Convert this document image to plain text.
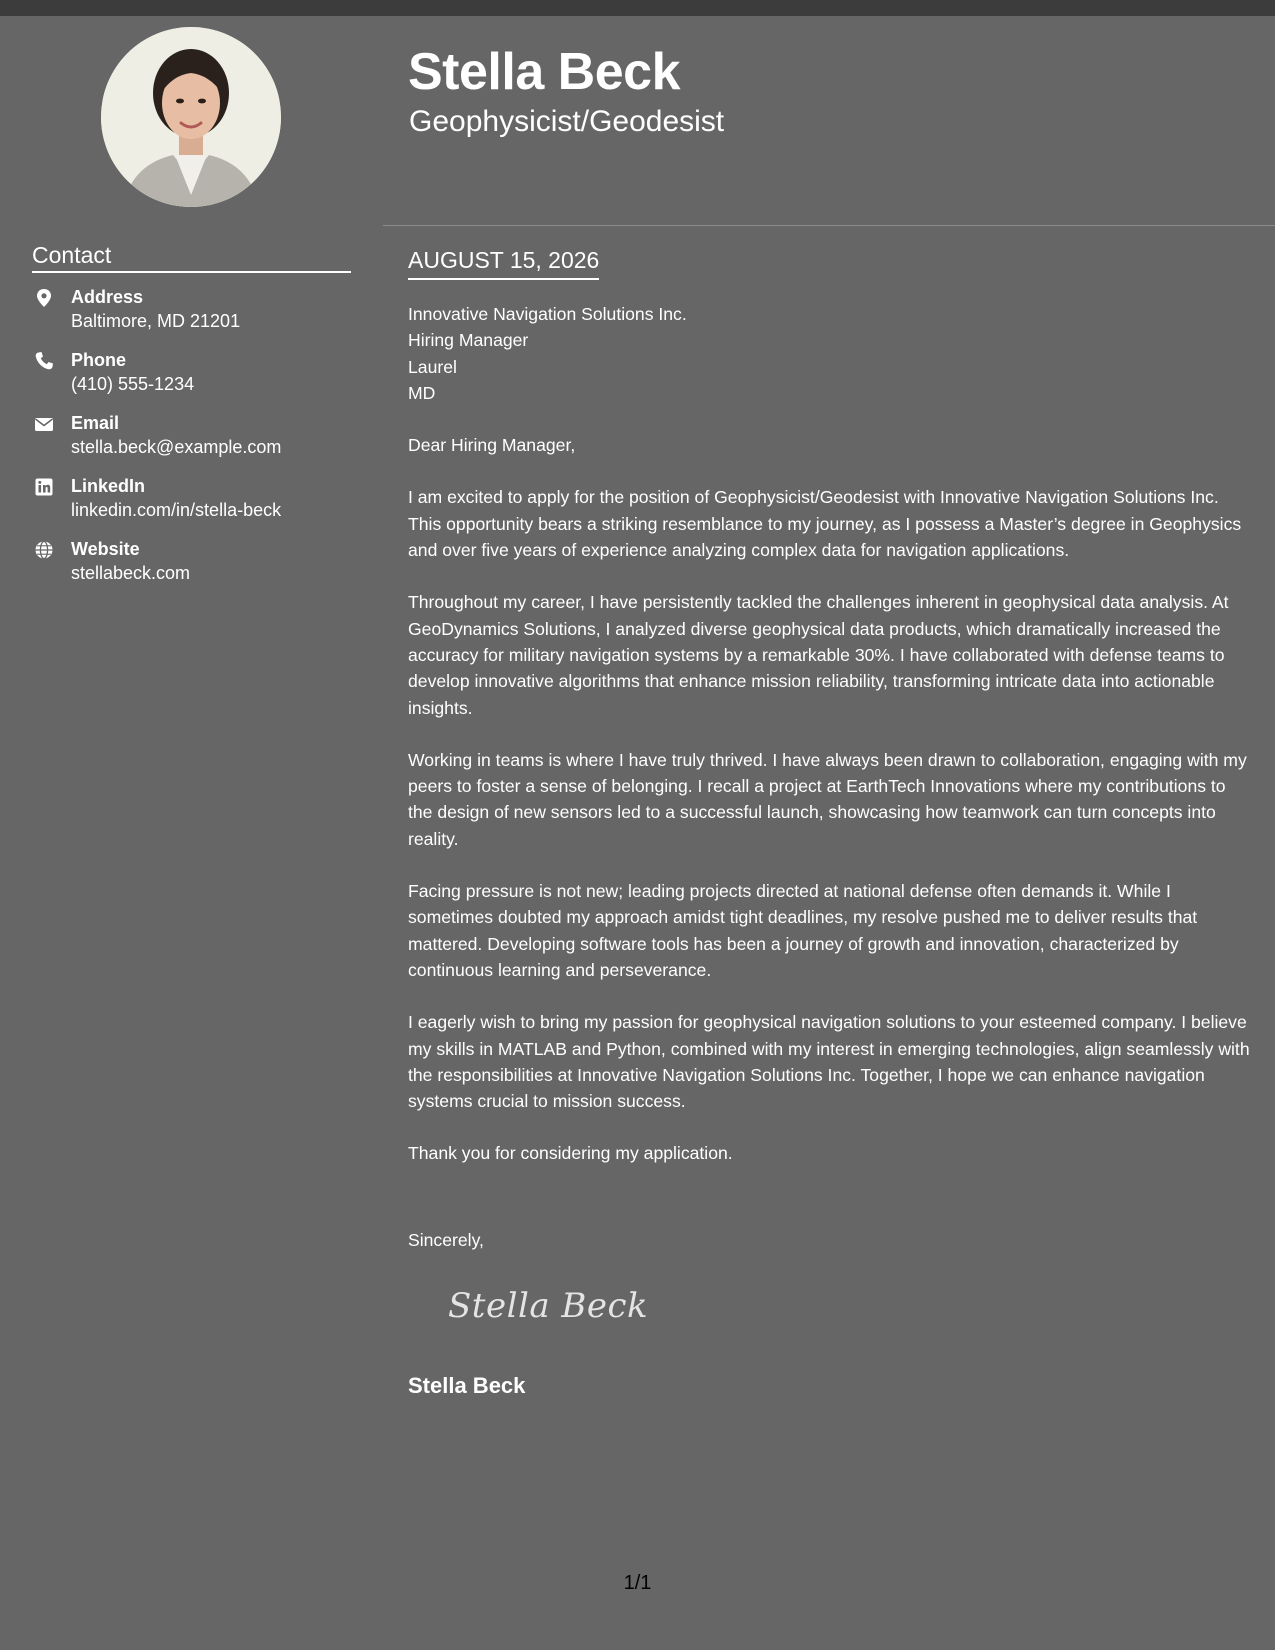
Contact
Address
Baltimore, MD 21201
Phone
(410) 555-1234
Email
stella.beck@example.com
LinkedIn
linkedin.com/in/stella-beck
Website
stellabeck.com
Stella Beck
Geophysicist/Geodesist
AUGUST 15, 2026
Innovative Navigation Solutions Inc.
Hiring Manager
Laurel
MD
Dear Hiring Manager,

I am excited to apply for the position of Geophysicist/Geodesist with Innovative Navigation Solutions Inc. This opportunity bears a striking resemblance to my journey, as I possess a Master’s degree in Geophysics and over five years of experience analyzing complex data for navigation applications.

Throughout my career, I have persistently tackled the challenges inherent in geophysical data analysis. At GeoDynamics Solutions, I analyzed diverse geophysical data products, which dramatically increased the accuracy for military navigation systems by a remarkable 30%. I have collaborated with defense teams to develop innovative algorithms that enhance mission reliability, transforming intricate data into actionable insights.

Working in teams is where I have truly thrived. I have always been drawn to collaboration, engaging with my peers to foster a sense of belonging. I recall a project at EarthTech Innovations where my contributions to the design of new sensors led to a successful launch, showcasing how teamwork can turn concepts into reality.

Facing pressure is not new; leading projects directed at national defense often demands it. While I sometimes doubted my approach amidst tight deadlines, my resolve pushed me to deliver results that mattered. Developing software tools has been a journey of growth and innovation, characterized by continuous learning and perseverance.

I eagerly wish to bring my passion for geophysical navigation solutions to your esteemed company. I believe my skills in MATLAB and Python, combined with my interest in emerging technologies, align seamlessly with the responsibilities at Innovative Navigation Solutions Inc. Together, I hope we can enhance navigation systems crucial to mission success.

Thank you for considering my application.
Sincerely,
Stella Beck
Stella Beck
1/1
